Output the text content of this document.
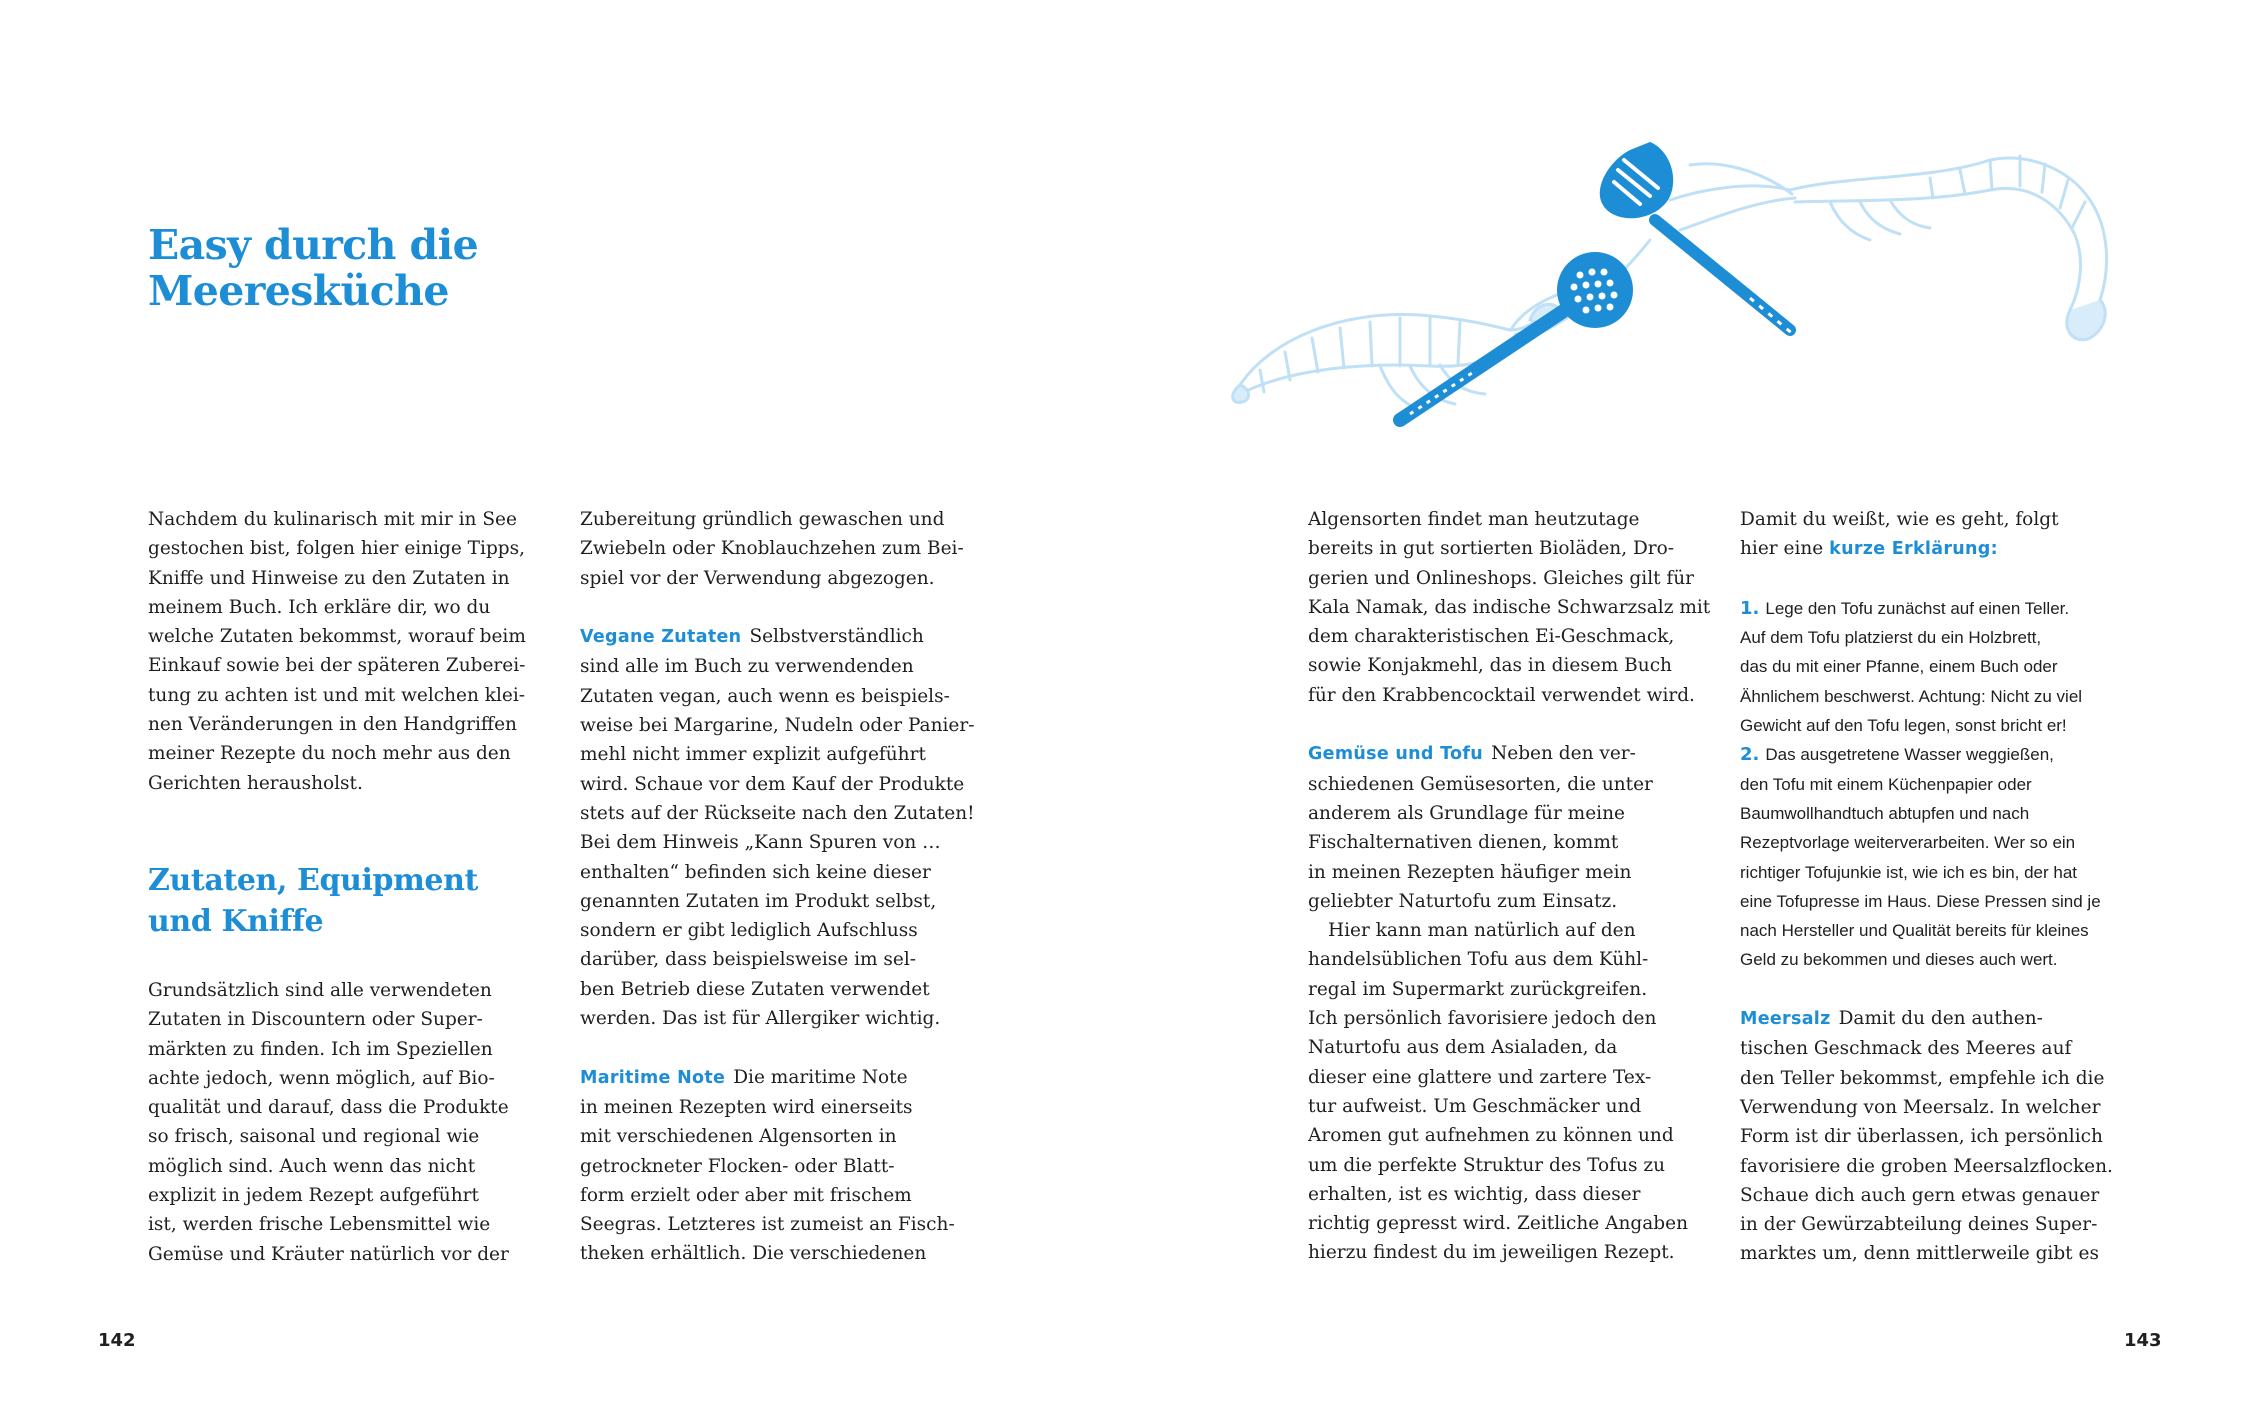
Easy durch die
Meeresküche
Nachdem du kulinarisch mit mir in See
gestochen bist, folgen hier einige Tipps,
Kniffe und Hinweise zu den Zutaten in
meinem Buch. Ich erkläre dir, wo du
welche Zutaten bekommst, worauf beim
Einkauf sowie bei der späteren Zuberei-
tung zu achten ist und mit welchen klei-
nen Veränderungen in den Handgriffen
meiner Rezepte du noch mehr aus den
Gerichten herausholst.
Zutaten, Equipment
und Kniffe
Grundsätzlich sind alle verwendeten
Zutaten in Discountern oder Super-
märkten zu finden. Ich im Speziellen
achte jedoch, wenn möglich, auf Bio-
qualität und darauf, dass die Produkte
so frisch, saisonal und regional wie
möglich sind. Auch wenn das nicht
explizit in jedem Rezept aufgeführt
ist, werden frische Lebensmittel wie
Gemüse und Kräuter natürlich vor der
Zubereitung gründlich gewaschen und
Zwiebeln oder Knoblauchzehen zum Bei-
spiel vor der Verwendung abgezogen.
Vegane Zutaten Selbstverständlich
sind alle im Buch zu verwendenden
Zutaten vegan, auch wenn es beispiels-
weise bei Margarine, Nudeln oder Panier-
mehl nicht immer explizit aufgeführt
wird. Schaue vor dem Kauf der Produkte
stets auf der Rückseite nach den Zutaten!
Bei dem Hinweis „Kann Spuren von …
enthalten“ befinden sich keine dieser
genannten Zutaten im Produkt selbst,
sondern er gibt lediglich Aufschluss
darüber, dass beispielsweise im sel-
ben Betrieb diese Zutaten verwendet
werden. Das ist für Allergiker wichtig.
Maritime Note Die maritime Note
in meinen Rezepten wird einerseits
mit verschiedenen Algensorten in
getrockneter Flocken- oder Blatt-
form erzielt oder aber mit frischem
Seegras. Letzteres ist zumeist an Fisch-
theken erhältlich. Die verschiedenen
142
Algensorten findet man heutzutage
bereits in gut sortierten Bioläden, Dro-
gerien und Onlineshops. Gleiches gilt für
Kala Namak, das indische Schwarzsalz mit
dem charakteristischen Ei-Geschmack,
sowie Konjakmehl, das in diesem Buch
für den Krabbencocktail verwendet wird.
Gemüse und Tofu Neben den ver-
schiedenen Gemüsesorten, die unter
anderem als Grundlage für meine
Fischalternativen dienen, kommt
in meinen Rezepten häufiger mein
geliebter Naturtofu zum Einsatz.
Hier kann man natürlich auf den
handelsüblichen Tofu aus dem Kühl-
regal im Supermarkt zurückgreifen.
Ich persönlich favorisiere jedoch den
Naturtofu aus dem Asialaden, da
dieser eine glattere und zartere Tex-
tur aufweist. Um Geschmäcker und
Aromen gut aufnehmen zu können und
um die perfekte Struktur des Tofus zu
erhalten, ist es wichtig, dass dieser
richtig gepresst wird. Zeitliche Angaben
hierzu findest du im jeweiligen Rezept.
Damit du weißt, wie es geht, folgt
hier eine kurze Erklärung:
1. Lege den Tofu zunächst auf einen Teller.
Auf dem Tofu platzierst du ein Holzbrett,
das du mit einer Pfanne, einem Buch oder
Ähnlichem beschwerst. Achtung: Nicht zu viel
Gewicht auf den Tofu legen, sonst bricht er!
2. Das ausgetretene Wasser weggießen,
den Tofu mit einem Küchenpapier oder
Baumwollhandtuch abtupfen und nach
Rezeptvorlage weiterverarbeiten. Wer so ein
richtiger Tofujunkie ist, wie ich es bin, der hat
eine Tofupresse im Haus. Diese Pressen sind je
nach Hersteller und Qualität bereits für kleines
Geld zu bekommen und dieses auch wert.
Meersalz Damit du den authen-
tischen Geschmack des Meeres auf
den Teller bekommst, empfehle ich die
Verwendung von Meersalz. In welcher
Form ist dir überlassen, ich persönlich
favorisiere die groben Meersalzflocken.
Schaue dich auch gern etwas genauer
in der Gewürzabteilung deines Super-
marktes um, denn mittlerweile gibt es
143
